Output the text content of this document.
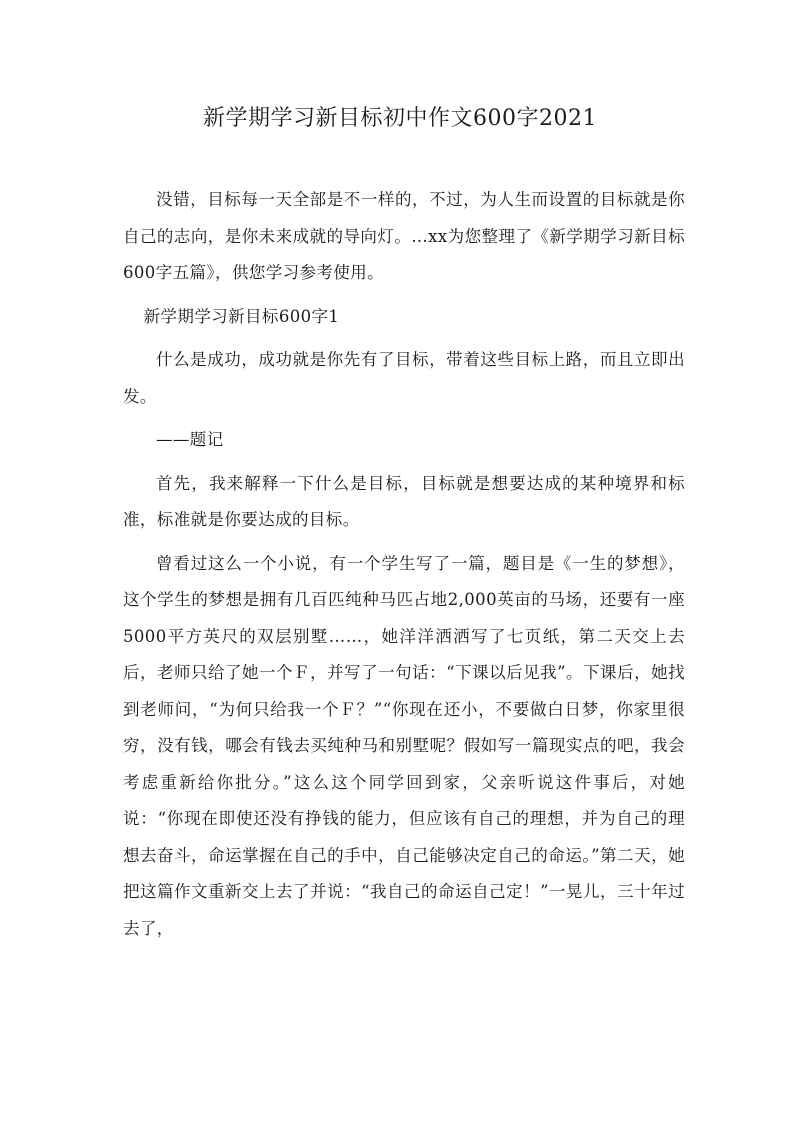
新学期学习新目标初中作文600字2021

没错，目标每一天全部是不一样的，不过，为人生而设置的目标就是你自己的志向，是你未来成就的导向灯。…xx为您整理了《新学期学习新目标600字五篇》，供您学习参考使用。

新学期学习新目标600字1

什么是成功，成功就是你先有了目标，带着这些目标上路，而且立即出发。

——题记

首先，我来解释一下什么是目标，目标就是想要达成的某种境界和标准，标准就是你要达成的目标。

曾看过这么一个小说，有一个学生写了一篇，题目是《一生的梦想》，这个学生的梦想是拥有几百匹纯种马匹占地2,000英亩的马场，还要有一座5000平方英尺的双层别墅……，她洋洋洒洒写了七页纸，第二天交上去后，老师只给了她一个Ｆ，并写了一句话：“下课以后见我”。下课后，她找到老师问，“为何只给我一个Ｆ？”“你现在还小，不要做白日梦，你家里很穷，没有钱，哪会有钱去买纯种马和别墅呢？假如写一篇现实点的吧，我会考虑重新给你批分。”这么这个同学回到家，父亲听说这件事后，对她说：“你现在即使还没有挣钱的能力，但应该有自己的理想，并为自己的理想去奋斗，命运掌握在自己的手中，自己能够决定自己的命运。”第二天，她把这篇作文重新交上去了并说：“我自己的命运自己定！”一晃儿，三十年过去了，
